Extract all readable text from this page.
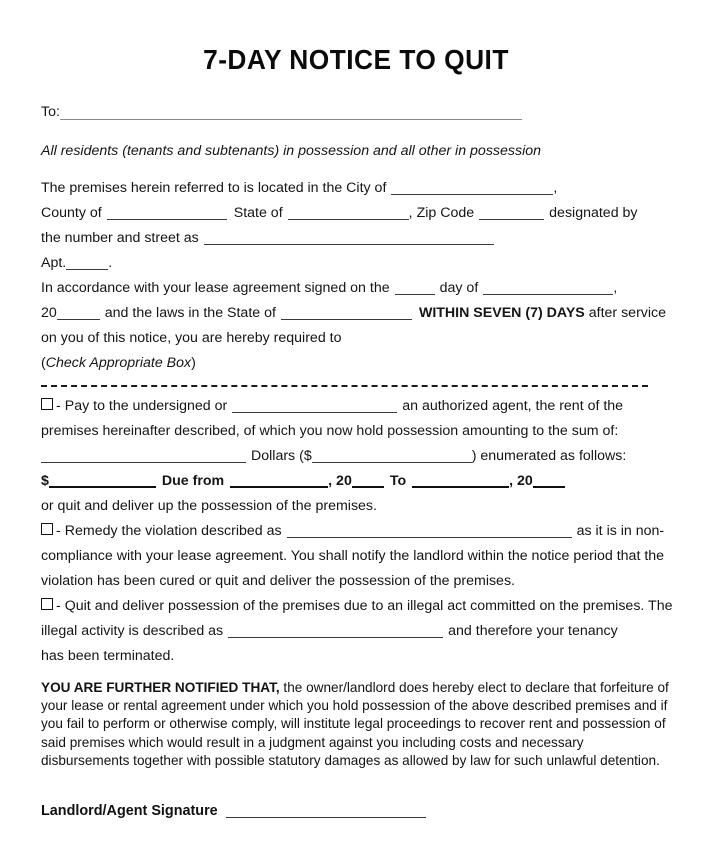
7-DAY NOTICE TO QUIT
To:
All residents (tenants and subtenants) in possession and all other in possession
The premises herein referred to is located in the City of	,
County of	State of	, Zip Code	designated by
the number and street as
Apt.	.
In accordance with your lease agreement signed on the	day of	,
20	and the laws in the State of	WITHIN SEVEN (7) DAYS after service
on you of this notice, you are hereby required to
(Check Appropriate Box)
- Pay to the undersigned or	an authorized agent, the rent of the
premises hereinafter described, of which you now hold possession amounting to the sum of:
Dollars ($	) enumerated as follows:
$	Due from	, 20	To	, 20
or quit and deliver up the possession of the premises.
- Remedy the violation described as	as it is in non-
compliance with your lease agreement. You shall notify the landlord within the notice period that the
violation has been cured or quit and deliver the possession of the premises.
- Quit and deliver possession of the premises due to an illegal act committed on the premises. The
illegal activity is described as	and therefore your tenancy
has been terminated.
YOU ARE FURTHER NOTIFIED THAT, the owner/landlord does hereby elect to declare that forfeiture of your lease or rental agreement under which you hold possession of the above described premises and if you fail to perform or otherwise comply, will institute legal proceedings to recover rent and possession of said premises which would result in a judgment against you including costs and necessary disbursements together with possible statutory damages as allowed by law for such unlawful detention.
Landlord/Agent Signature
